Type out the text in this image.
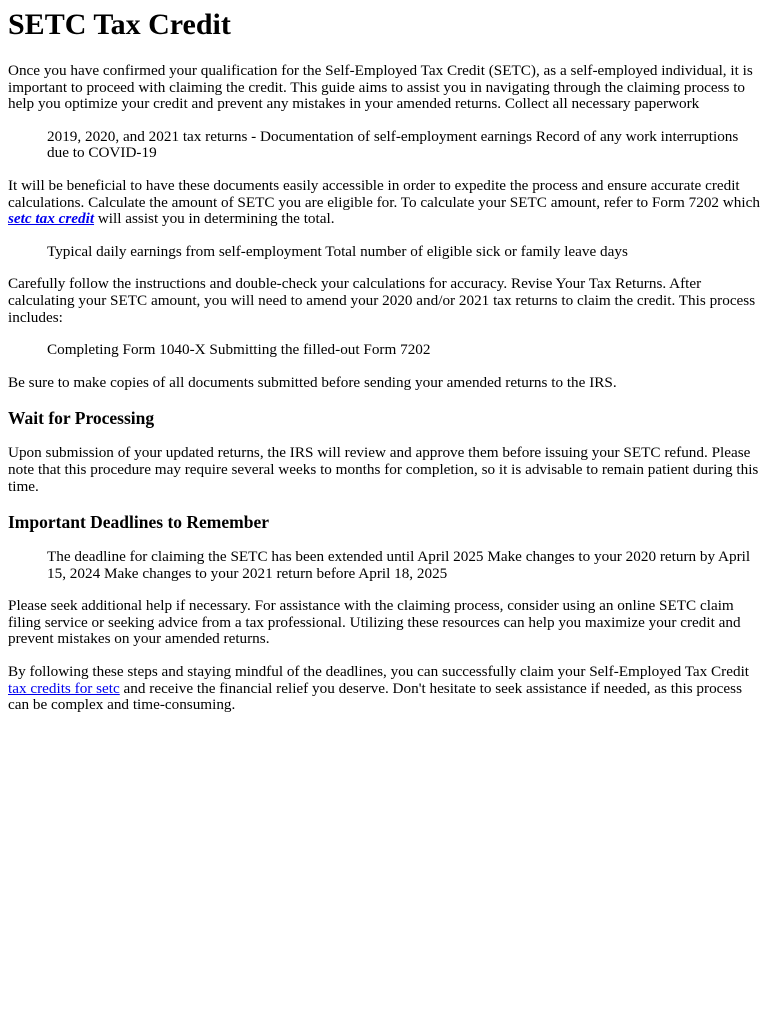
SETC Tax Credit

Once you have confirmed your qualification for the Self-Employed Tax Credit (SETC), as a self-employed individual, it is important to proceed with claiming the credit. This guide aims to assist you in navigating through the claiming process to help you optimize your credit and prevent any mistakes in your amended returns. Collect all necessary paperwork

2019, 2020, and 2021 tax returns - Documentation of self-employment earnings Record of any work interruptions due to COVID-19

It will be beneficial to have these documents easily accessible in order to expedite the process and ensure accurate credit calculations. Calculate the amount of SETC you are eligible for. To calculate your SETC amount, refer to Form 7202 which setc tax credit will assist you in determining the total.

Typical daily earnings from self-employment Total number of eligible sick or family leave days

Carefully follow the instructions and double-check your calculations for accuracy. Revise Your Tax Returns. After calculating your SETC amount, you will need to amend your 2020 and/or 2021 tax returns to claim the credit. This process includes:

Completing Form 1040-X Submitting the filled-out Form 7202

Be sure to make copies of all documents submitted before sending your amended returns to the IRS.

Wait for Processing

Upon submission of your updated returns, the IRS will review and approve them before issuing your SETC refund. Please note that this procedure may require several weeks to months for completion, so it is advisable to remain patient during this time.

Important Deadlines to Remember
The deadline for claiming the SETC has been extended until April 2025 Make changes to your 2020 return by April 15, 2024 Make changes to your 2021 return before April 18, 2025

Please seek additional help if necessary. For assistance with the claiming process, consider using an online SETC claim filing service or seeking advice from a tax professional. Utilizing these resources can help you maximize your credit and prevent mistakes on your amended returns.

By following these steps and staying mindful of the deadlines, you can successfully claim your Self-Employed Tax Credit tax credits for setc and receive the financial relief you deserve. Don't hesitate to seek assistance if needed, as this process can be complex and time-consuming.
